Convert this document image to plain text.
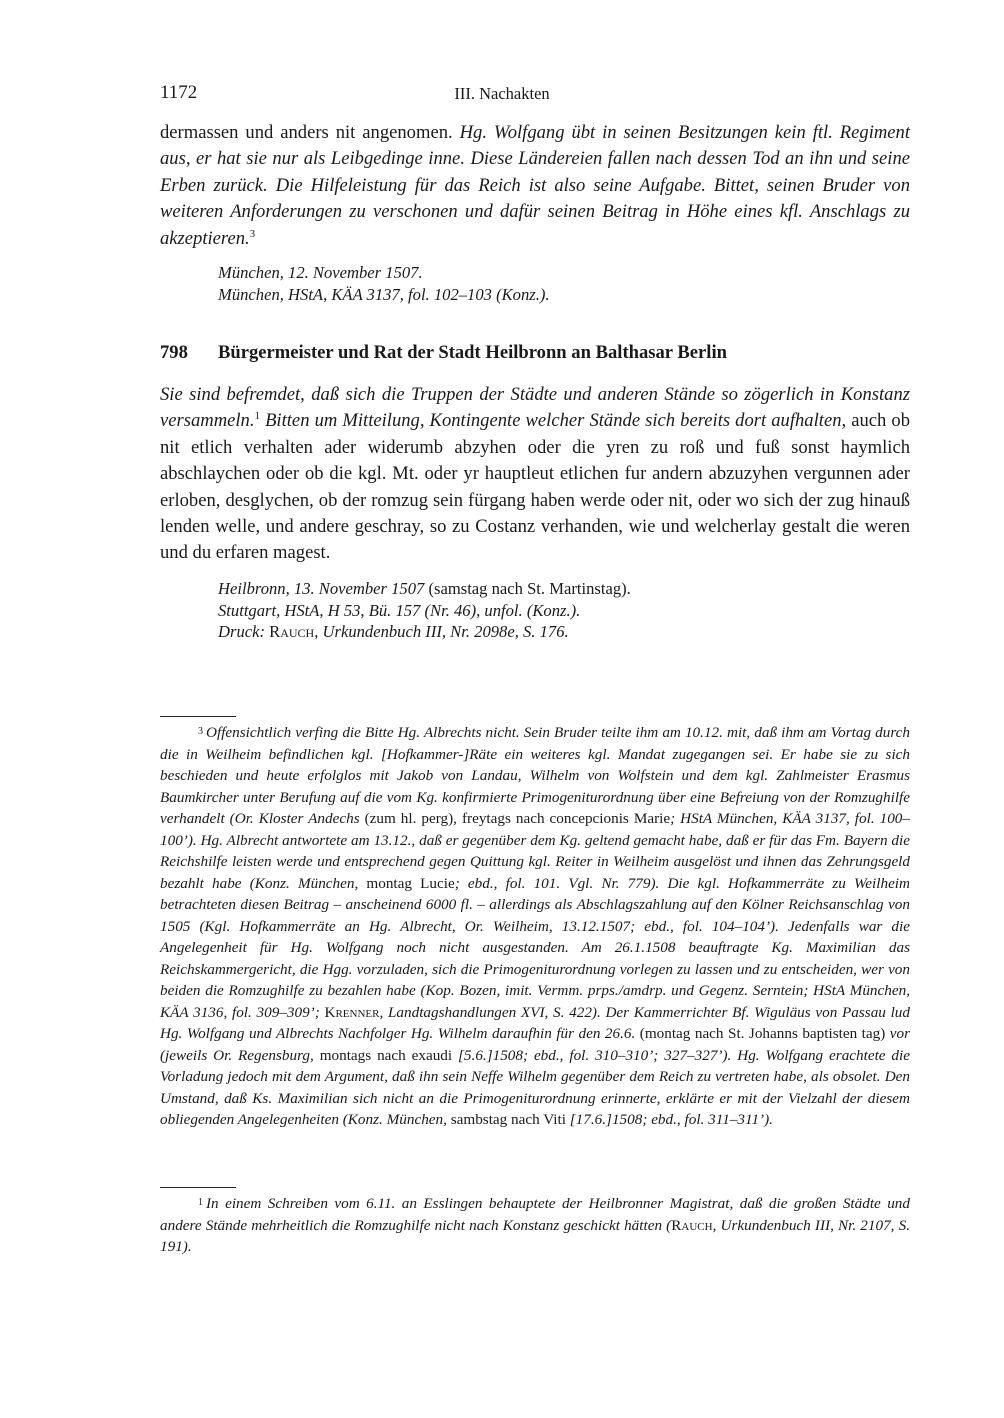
1172	III. Nachakten
dermassen und anders nit angenomen. Hg. Wolfgang übt in seinen Besitzungen kein ftl. Regiment aus, er hat sie nur als Leibgedinge inne. Diese Ländereien fallen nach dessen Tod an ihn und seine Erben zurück. Die Hilfeleistung für das Reich ist also seine Aufgabe. Bittet, seinen Bruder von weiteren Anforderungen zu verschonen und dafür seinen Beitrag in Höhe eines kfl. Anschlags zu akzeptieren.$^3$
München, 12. November 1507.
München, HStA, KÄA 3137, fol. 102–103 (Konz.).
798 Bürgermeister und Rat der Stadt Heilbronn an Balthasar Berlin
Sie sind befremdet, daß sich die Truppen der Städte und anderen Stände so zögerlich in Konstanz versammeln.$^1$ Bitten um Mitteilung, Kontingente welcher Stände sich bereits dort aufhalten, auch ob nit etlich verhalten ader widerumb abzyhen oder die yren zu roß und fuß sonst haymlich abschlaychen oder ob die kgl. Mt. oder yr hauptleut etlichen fur andern abzuzyhen vergunnen ader erloben, desglychen, ob der romzug sein fürgang haben werde oder nit, oder wo sich der zug hinauß lenden welle, und andere geschray, so zu Costanz verhanden, wie und welcherlay gestalt die weren und du erfaren magest.
Heilbronn, 13. November 1507 (samstag nach St. Martinstag).
Stuttgart, HStA, H 53, Bü. 157 (Nr. 46), unfol. (Konz.).
Druck: Rauch, Urkundenbuch III, Nr. 2098e, S. 176.
3 Offensichtlich verfing die Bitte Hg. Albrechts nicht. Sein Bruder teilte ihm am 10.12. mit, daß ihm am Vortag durch die in Weilheim befindlichen kgl. [Hofkammer-]Räte ein weiteres kgl. Mandat zugegangen sei. Er habe sie zu sich beschieden und heute erfolglos mit Jakob von Landau, Wilhelm von Wolfstein und dem kgl. Zahlmeister Erasmus Baumkircher unter Berufung auf die vom Kg. konfirmierte Primogeniturordnung über eine Befreiung von der Romzughilfe verhandelt (Or. Kloster Andechs (zum hl. perg), freytags nach concepcionis Marie; HStA München, KÄA 3137, fol. 100–100’). Hg. Albrecht antwortete am 13.12., daß er gegenüber dem Kg. geltend gemacht habe, daß er für das Fm. Bayern die Reichshilfe leisten werde und entsprechend gegen Quittung kgl. Reiter in Weilheim ausgelöst und ihnen das Zehrungsgeld bezahlt habe (Konz. München, montag Lucie; ebd., fol. 101. Vgl. Nr. 779). Die kgl. Hofkammerräte zu Weilheim betrachteten diesen Beitrag – anscheinend 6000 fl. – allerdings als Abschlagszahlung auf den Kölner Reichsanschlag von 1505 (Kgl. Hofkammerräte an Hg. Albrecht, Or. Weilheim, 13.12.1507; ebd., fol. 104–104’). Jedenfalls war die Angelegenheit für Hg. Wolfgang noch nicht ausgestanden. Am 26.1.1508 beauftragte Kg. Maximilian das Reichskammergericht, die Hgg. vorzuladen, sich die Primogeniturordnung vorlegen zu lassen und zu entscheiden, wer von beiden die Romzughilfe zu bezahlen habe (Kop. Bozen, imit. Vermm. prps./amdrp. und Gegenz. Serntein; HStA München, KÄA 3136, fol. 309–309’; Krenner, Landtagshandlungen XVI, S. 422). Der Kammerrichter Bf. Wiguläus von Passau lud Hg. Wolfgang und Albrechts Nachfolger Hg. Wilhelm daraufhin für den 26.6. (montag nach St. Johanns baptisten tag) vor (jeweils Or. Regensburg, montags nach exaudi [5.6.]1508; ebd., fol. 310–310’; 327–327’). Hg. Wolfgang erachtete die Vorladung jedoch mit dem Argument, daß ihn sein Neffe Wilhelm gegenüber dem Reich zu vertreten habe, als obsolet. Den Umstand, daß Ks. Maximilian sich nicht an die Primogeniturordnung erinnerte, erklärte er mit der Vielzahl der diesem obliegenden Angelegenheiten (Konz. München, sambstag nach Viti [17.6.]1508; ebd., fol. 311–311’).
1 In einem Schreiben vom 6.11. an Esslingen behauptete der Heilbronner Magistrat, daß die großen Städte und andere Stände mehrheitlich die Romzughilfe nicht nach Konstanz geschickt hätten (Rauch, Urkundenbuch III, Nr. 2107, S. 191).
